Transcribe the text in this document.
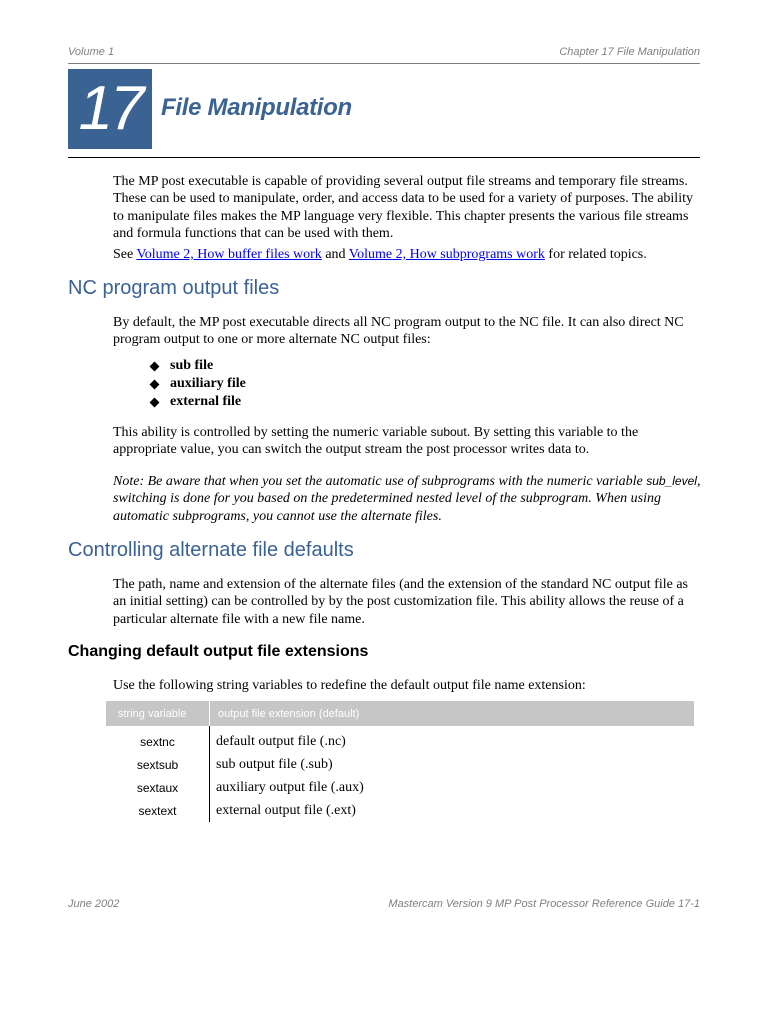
Volume 1	Chapter 17 File Manipulation
17 File Manipulation
The MP post executable is capable of providing several output file streams and temporary file streams. These can be used to manipulate, order, and access data to be used for a variety of purposes. The ability to manipulate files makes the MP language very flexible. This chapter presents the various file streams and formula functions that can be used with them.
See Volume 2, How buffer files work and Volume 2, How subprograms work for related topics.
NC program output files
By default, the MP post executable directs all NC program output to the NC file. It can also direct NC program output to one or more alternate NC output files:
sub file
auxiliary file
external file
This ability is controlled by setting the numeric variable subout. By setting this variable to the appropriate value, you can switch the output stream the post processor writes data to.
Note: Be aware that when you set the automatic use of subprograms with the numeric variable sub_level, switching is done for you based on the predetermined nested level of the subprogram. When using automatic subprograms, you cannot use the alternate files.
Controlling alternate file defaults
The path, name and extension of the alternate files (and the extension of the standard NC output file as an initial setting) can be controlled by by the post customization file. This ability allows the reuse of a particular alternate file with a new file name.
Changing default output file extensions
Use the following string variables to redefine the default output file name extension:
string variable	output file extension (default)
sextnc	default output file (.nc)
sextsub	sub output file (.sub)
sextaux	auxiliary output file (.aux)
sextext	external output file (.ext)
June 2002	Mastercam Version 9 MP Post Processor Reference Guide 17-1
